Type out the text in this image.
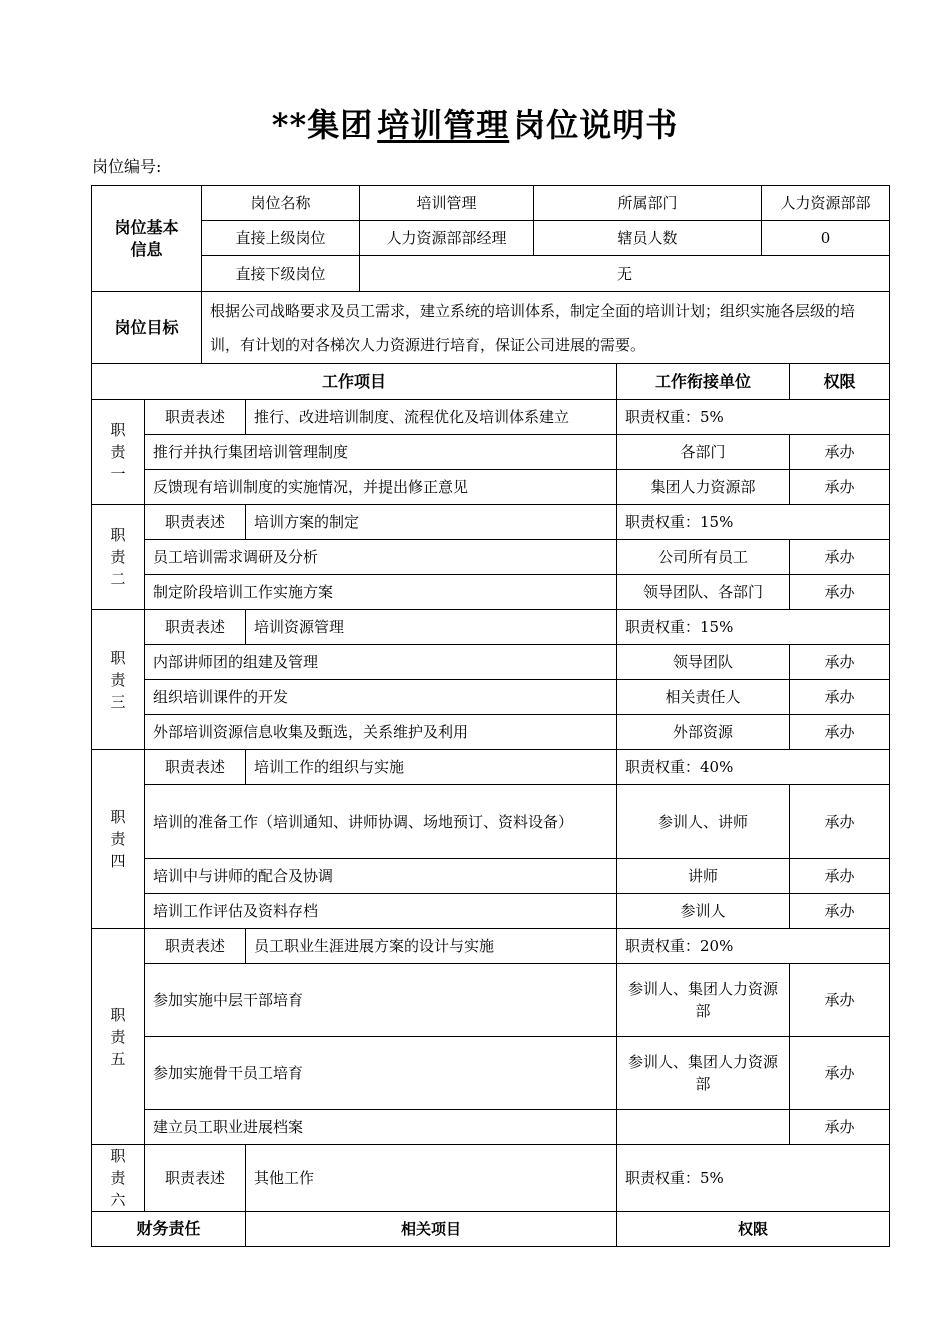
**集团 培训管理 岗位说明书
岗位编号:
岗位基本
信息	岗位名称	培训管理	所属部门	人力资源部部
	直接上级岗位	人力资源部部经理	辖员人数	0
	直接下级岗位	无		
岗位目标	根据公司战略要求及员工需求，建立系统的培训体系，制定全面的培训计划；组织实施各层级的培训，有计划的对各梯次人力资源进行培育，保证公司进展的需要。			
工作项目			工作衔接单位	权限
职
责
一	职责表述	推行、改进培训制度、流程优化及培训体系建立	职责权重：5%	
	推行并执行集团培训管理制度		各部门	承办
	反馈现有培训制度的实施情况，并提出修正意见		集团人力资源部	承办
职
责
二	职责表述	培训方案的制定	职责权重：15%	
	员工培训需求调研及分析		公司所有员工	承办
	制定阶段培训工作实施方案		领导团队、各部门	承办
职
责
三	职责表述	培训资源管理	职责权重：15%	
	内部讲师团的组建及管理		领导团队	承办
	组织培训课件的开发		相关责任人	承办
	外部培训资源信息收集及甄选，关系维护及利用		外部资源	承办
职
责
四	职责表述	培训工作的组织与实施	职责权重：40%	
	培训的准备工作（培训通知、讲师协调、场地预订、资料设备）		参训人、讲师	承办
	培训中与讲师的配合及协调		讲师	承办
	培训工作评估及资料存档		参训人	承办
职
责
五	职责表述	员工职业生涯进展方案的设计与实施	职责权重：20%	
	参加实施中层干部培育		参训人、集团人力资源部	承办
	参加实施骨干员工培育		参训人、集团人力资源部	承办
	建立员工职业进展档案			承办
职
责
六	职责表述	其他工作	职责权重：5%	
财务责任		相关项目	权限	
